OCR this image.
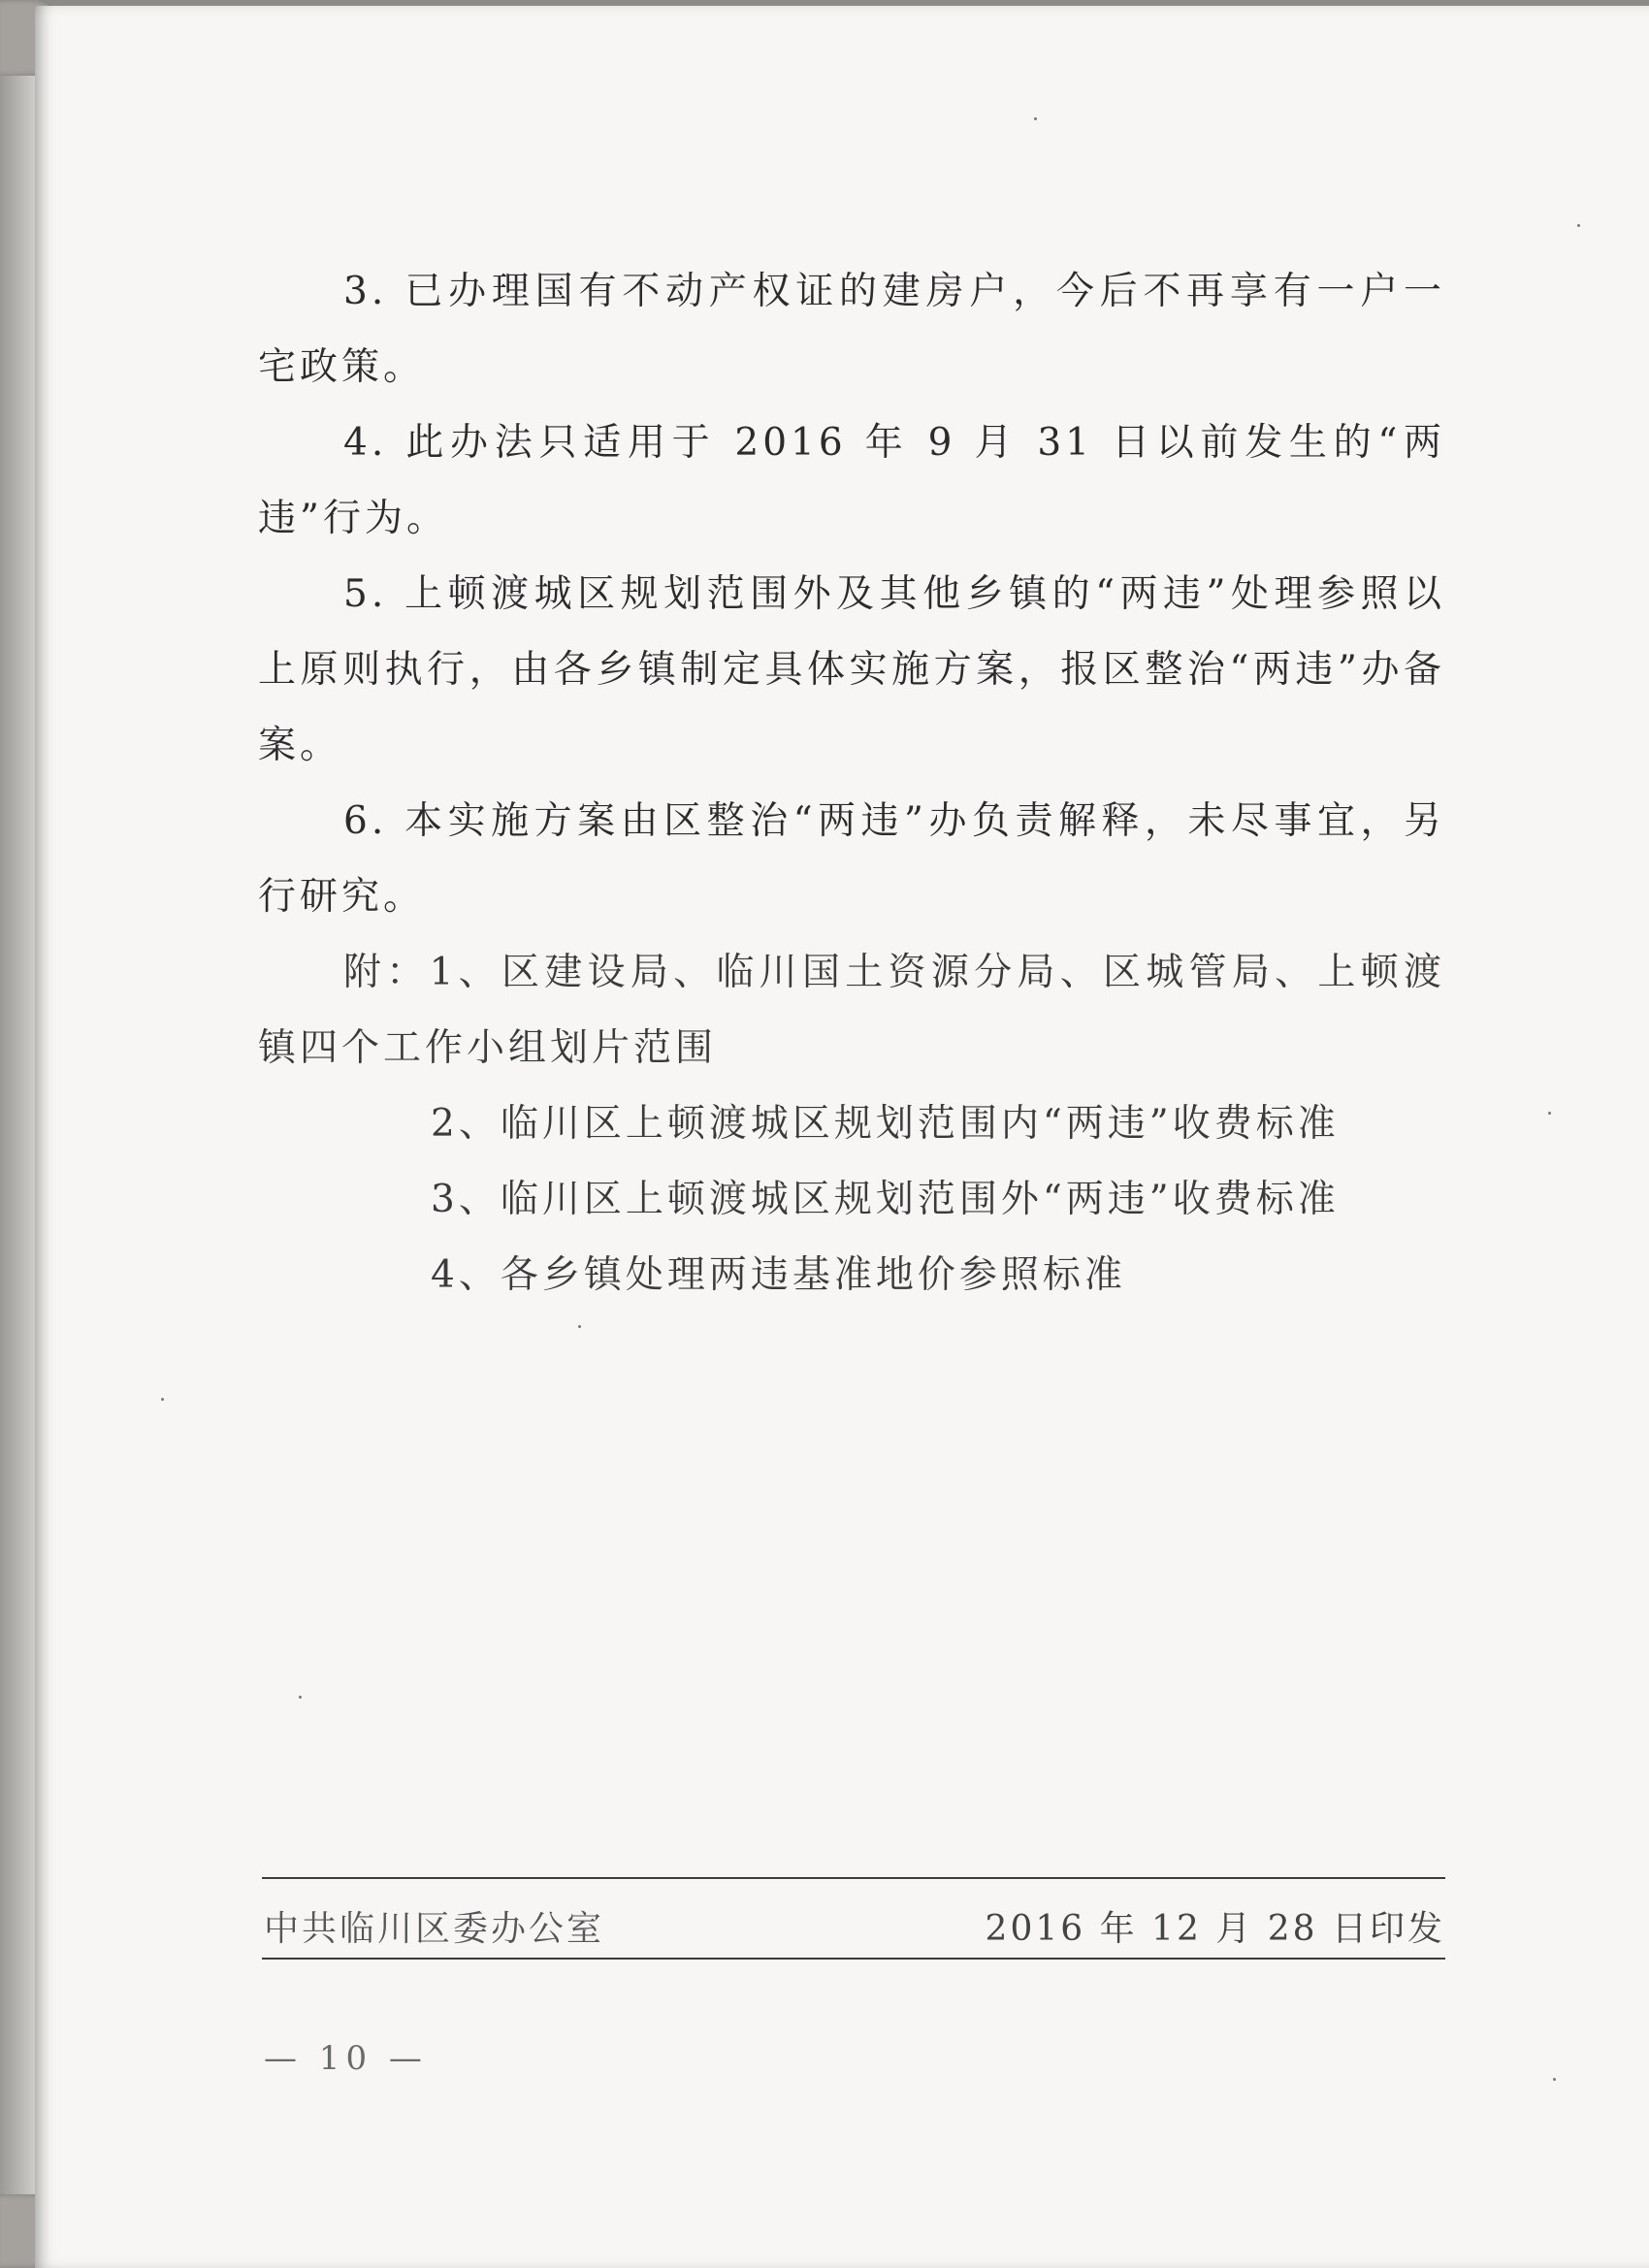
3. 已办理国有不动产权证的建房户，今后不再享有一户一宅政策。

4. 此办法只适用于 2016 年 9 月 31 日以前发生的“两违”行为。

5. 上顿渡城区规划范围外及其他乡镇的“两违”处理参照以上原则执行，由各乡镇制定具体实施方案，报区整治“两违”办备案。

6. 本实施方案由区整治“两违”办负责解释，未尽事宜，另行研究。

附：1、区建设局、临川国土资源分局、区城管局、上顿渡镇四个工作小组划片范围

2、临川区上顿渡城区规划范围内“两违”收费标准

3、临川区上顿渡城区规划范围外“两违”收费标准

4、各乡镇处理两违基准地价参照标准

中共临川区委办公室	2016 年 12 月 28 日印发
— 10 —
